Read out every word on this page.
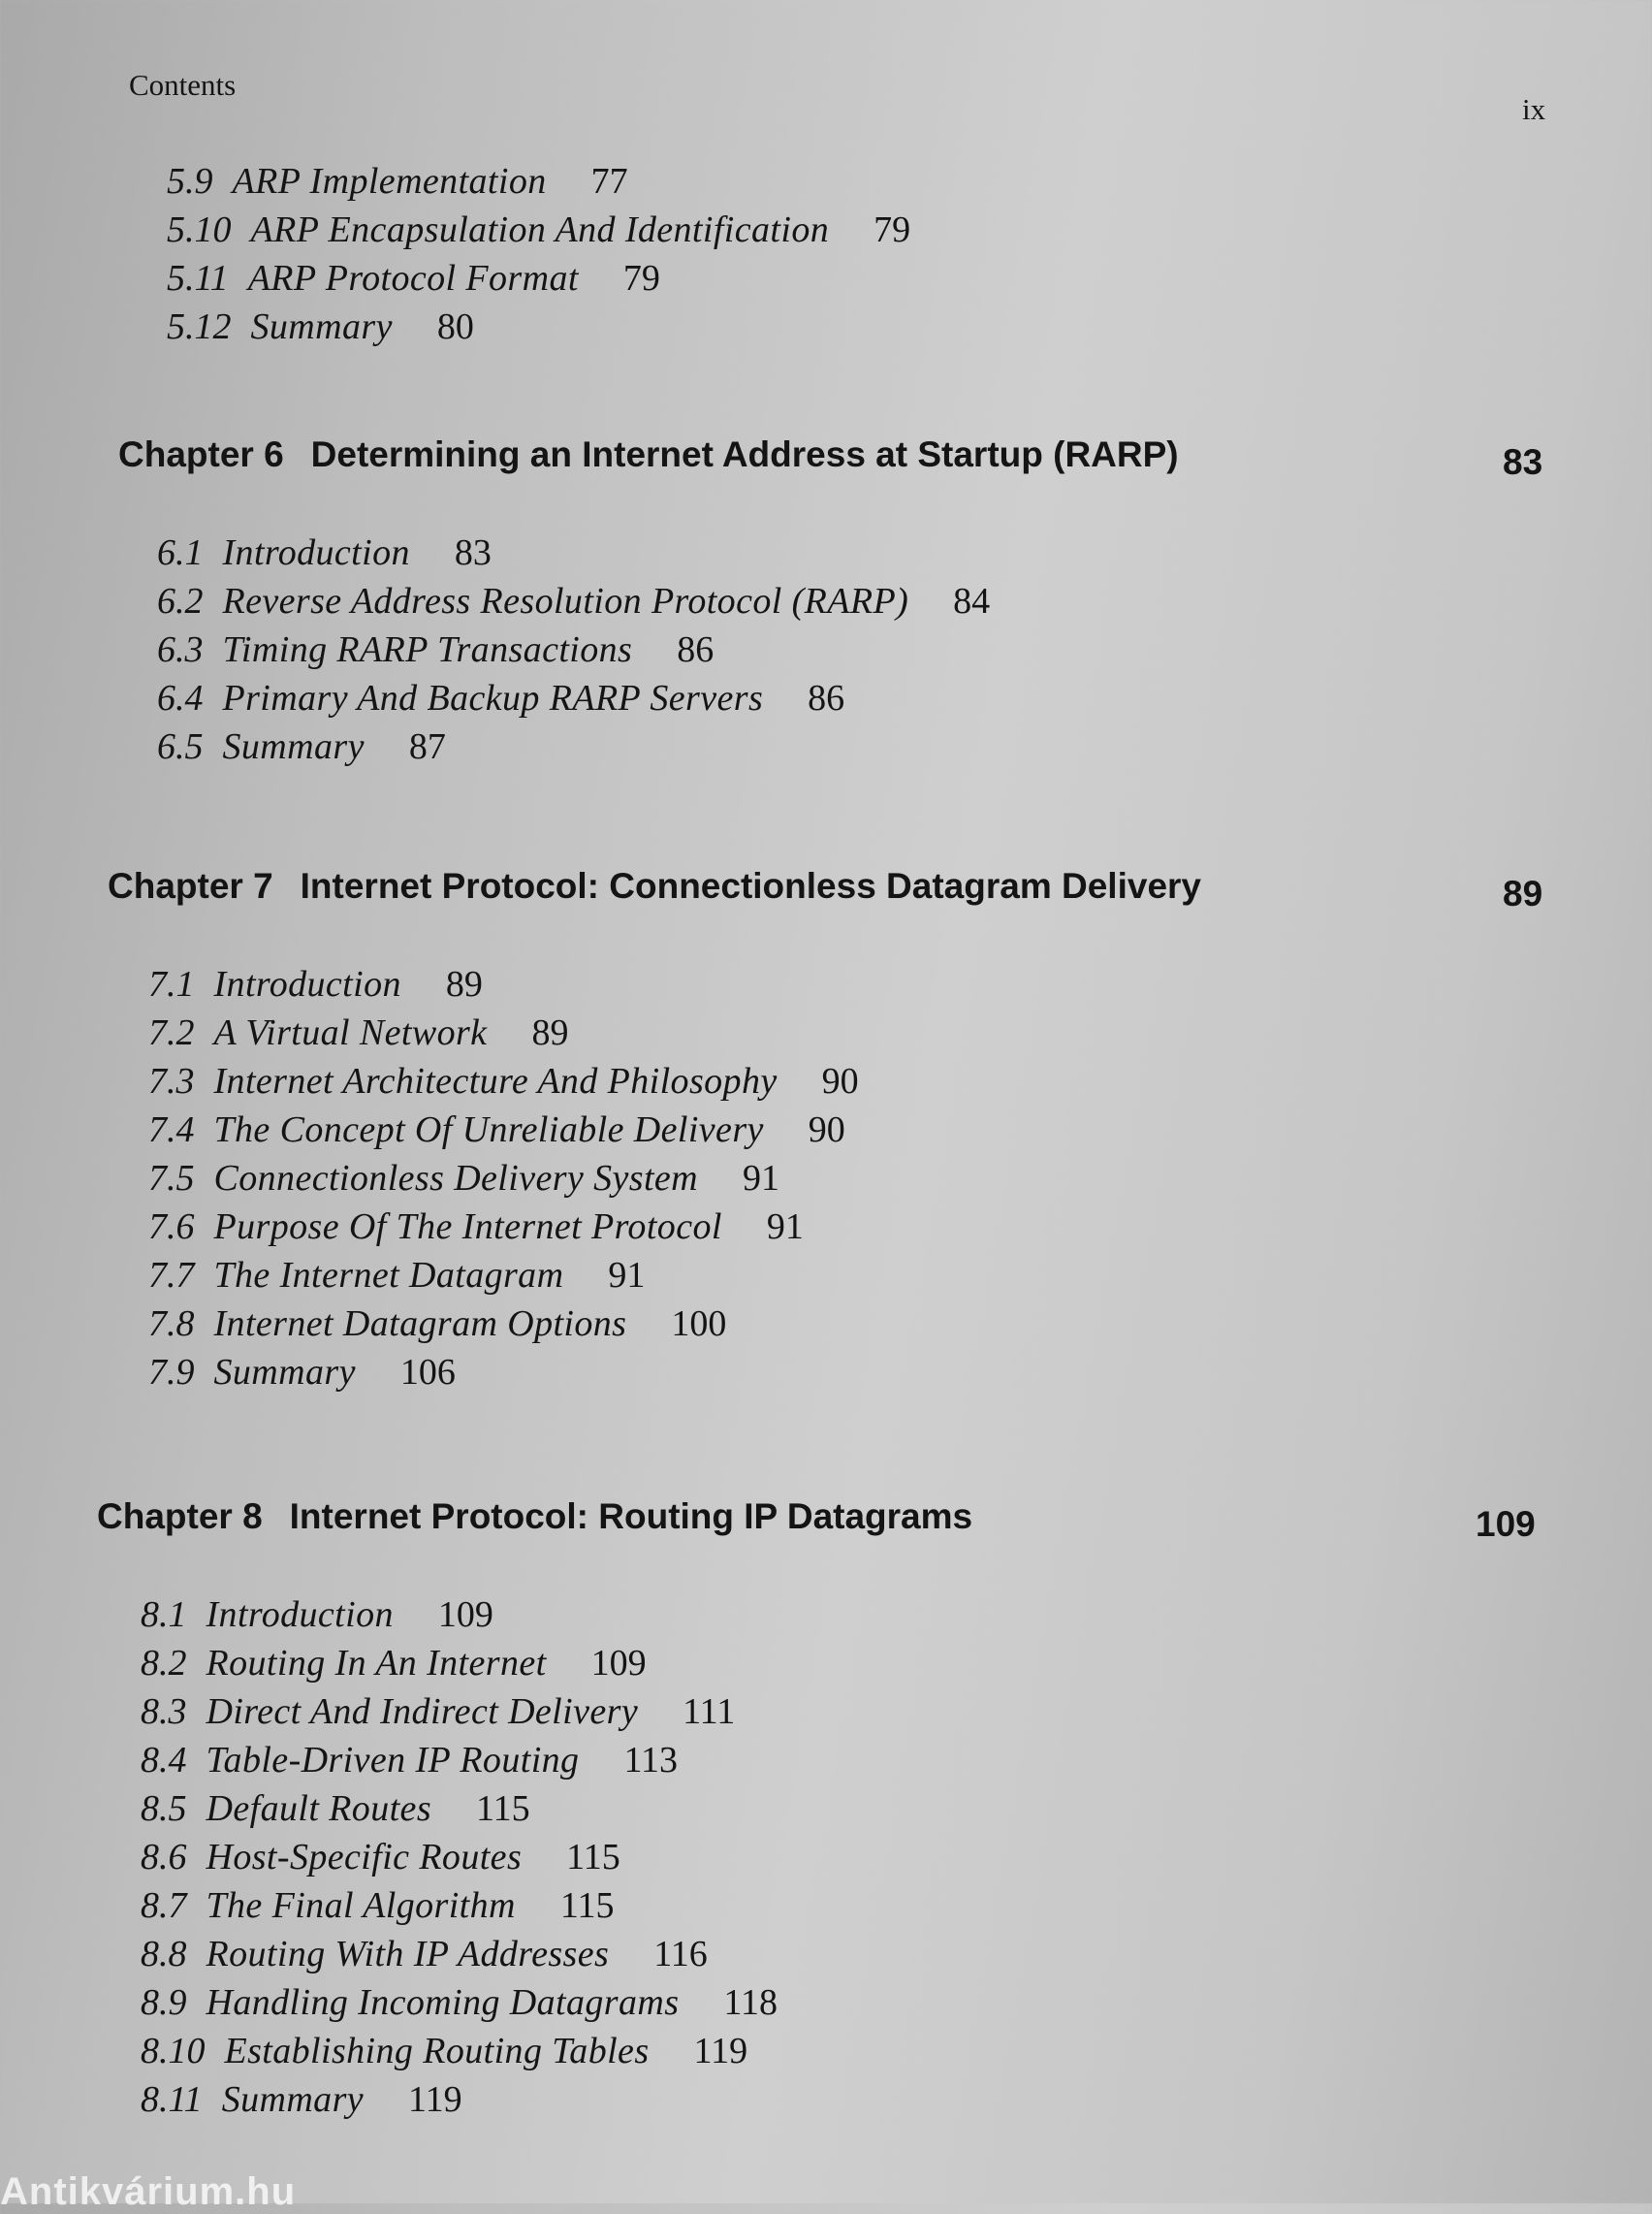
Contents
ix
5.9 ARP Implementation 77
5.10 ARP Encapsulation And Identification 79
5.11 ARP Protocol Format 79
5.12 Summary 80
Chapter 6 Determining an Internet Address at Startup (RARP)	83
6.1 Introduction 83
6.2 Reverse Address Resolution Protocol (RARP) 84
6.3 Timing RARP Transactions 86
6.4 Primary And Backup RARP Servers 86
6.5 Summary 87
Chapter 7 Internet Protocol: Connectionless Datagram Delivery	89
7.1 Introduction 89
7.2 A Virtual Network 89
7.3 Internet Architecture And Philosophy 90
7.4 The Concept Of Unreliable Delivery 90
7.5 Connectionless Delivery System 91
7.6 Purpose Of The Internet Protocol 91
7.7 The Internet Datagram 91
7.8 Internet Datagram Options 100
7.9 Summary 106
Chapter 8 Internet Protocol: Routing IP Datagrams	109
8.1 Introduction 109
8.2 Routing In An Internet 109
8.3 Direct And Indirect Delivery 111
8.4 Table-Driven IP Routing 113
8.5 Default Routes 115
8.6 Host-Specific Routes 115
8.7 The Final Algorithm 115
8.8 Routing With IP Addresses 116
8.9 Handling Incoming Datagrams 118
8.10 Establishing Routing Tables 119
8.11 Summary 119
Antikvárium.hu
